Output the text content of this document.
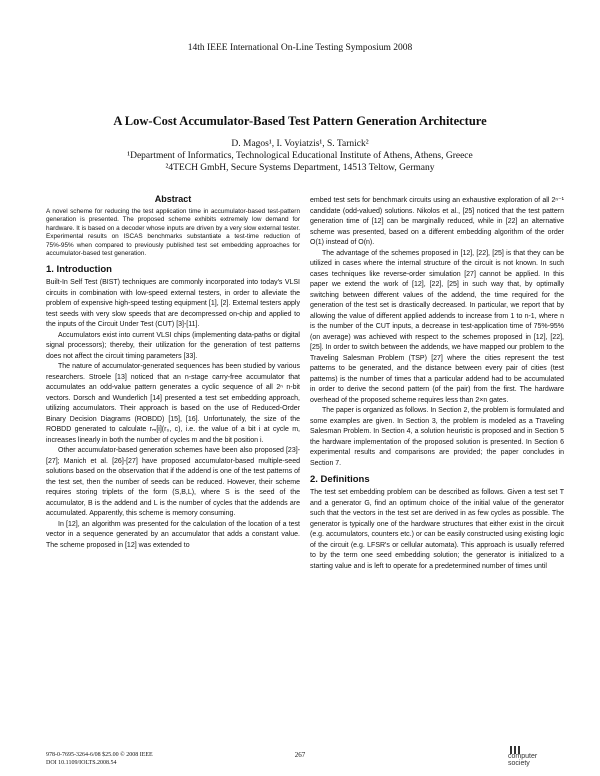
14th IEEE International On-Line Testing Symposium 2008
A Low-Cost Accumulator-Based Test Pattern Generation Architecture
D. Magos¹, I. Voyiatzis¹, S. Tarnick²
¹Department of Informatics, Technological Educational Institute of Athens, Athens, Greece
²4TECH GmbH, Secure Systems Department, 14513 Teltow, Germany
Abstract

A novel scheme for reducing the test application time in accumulator-based test-pattern generation is presented. The proposed scheme exhibits extremely low demand for hardware. It is based on a decoder whose inputs are driven by a very slow external tester. Experimental results on ISCAS benchmarks substantiate a test-time reduction of 75%-95% when compared to previously published test set embedding approaches for accumulator-based test generation.

1. Introduction

Built-In Self Test (BIST) techniques are commonly incorporated into today's VLSI circuits in combination with low-speed external testers, in order to alleviate the problem of expensive high-speed testing equipment [1], [2]. External testers apply test seeds with very slow speeds that are decompressed on-chip and applied to the inputs of the Circuit Under Test (CUT) [3]-[11].

Accumulators exist into current VLSI chips (implementing data-paths or digital signal processors); thereby, their utilization for the generation of test patterns does not affect the circuit timing parameters [33].

The nature of accumulator-generated sequences has been studied by various researchers. Stroele [13] noticed that an n-stage carry-free accumulator that accumulates an odd-value pattern generates a cyclic sequence of all 2ⁿ n-bit vectors. Dorsch and Wunderlich [14] presented a test set embedding approach, utilizing accumulators. Their approach is based on the use of Reduced-Order Binary Decision Diagrams (ROBDD) [15], [16]. Unfortunately, the size of the ROBDD generated to calculate rₘ[i](r₀, c), i.e. the value of a bit i at cycle m, increases linearly in both the number of cycles m and the bit position i.

Other accumulator-based generation schemes have been also proposed [23]-[27]; Manich et al. [26]-[27] have proposed accumulator-based multiple-seed solutions based on the observation that if the addend is one of the test patterns of the test set, then the number of seeds can be reduced. However, their scheme requires storing triplets of the form (S,B,L), where S is the seed of the accumulator, B is the addend and L is the number of cycles that the addends are accumulated. Apparently, this scheme is memory consuming.

In [12], an algorithm was presented for the calculation of the location of a test vector in a sequence generated by an accumulator that adds a constant value. The scheme proposed in [12] was extended to

embed test sets for benchmark circuits using an exhaustive exploration of all 2ⁿ⁻¹ candidate (odd-valued) solutions. Nikolos et al., [25] noticed that the test pattern generation time of [12] can be marginally reduced, while in [22] an alternative scheme was presented, based on a different embedding algorithm of the order O(1) instead of O(n).

The advantage of the schemes proposed in [12], [22], [25] is that they can be utilized in cases where the internal structure of the circuit is not known. In such cases techniques like reverse-order simulation [27] cannot be applied. In this paper we extend the work of [12], [22], [25] in such way that, by optimally switching between different values of the addend, the time required for the generation of the test set is drastically decreased. In particular, we report that by allowing the value of different applied addends to increase from 1 to n-1, where n is the number of the CUT inputs, a decrease in test-application time of 75%-95% (on average) was achieved with respect to the schemes proposed in [12], [22], [25]. In order to switch between the addends, we have mapped our problem to the Traveling Salesman Problem (TSP) [27] where the cities represent the test patterns to be generated, and the distance between every pair of cities (test patterns) is the number of times that a particular addend had to be accumulated in order to derive the second pattern (of the pair) from the first. The hardware overhead of the proposed scheme requires less than 2×n gates.

The paper is organized as follows. In Section 2, the problem is formulated and some examples are given. In Section 3, the problem is modeled as a Traveling Salesman Problem. In Section 4, a solution heuristic is proposed and in Section 5 the hardware implementation of the proposed solution is presented. In Section 6 experimental results and comparisons are provided; the paper concludes in Section 7.

2. Definitions

The test set embedding problem can be described as follows. Given a test set T and a generator G, find an optimum choice of the initial value of the generator such that the vectors in the test set are derived in as few cycles as possible. The generator is typically one of the hardware structures that either exist in the circuit (e.g. accumulators, counters etc.) or can be easily constructed using existing logic of the circuit (e.g. LFSR's or cellular automata). This approach is usually referred to by the term one seed embedding solution; the generator is initialized to a starting value and is left to operate for a predetermined number of times until

978-0-7695-3264-6/08 $25.00 © 2008 IEEE
DOI 10.1109/IOLTS.2008.54
267	computer society
